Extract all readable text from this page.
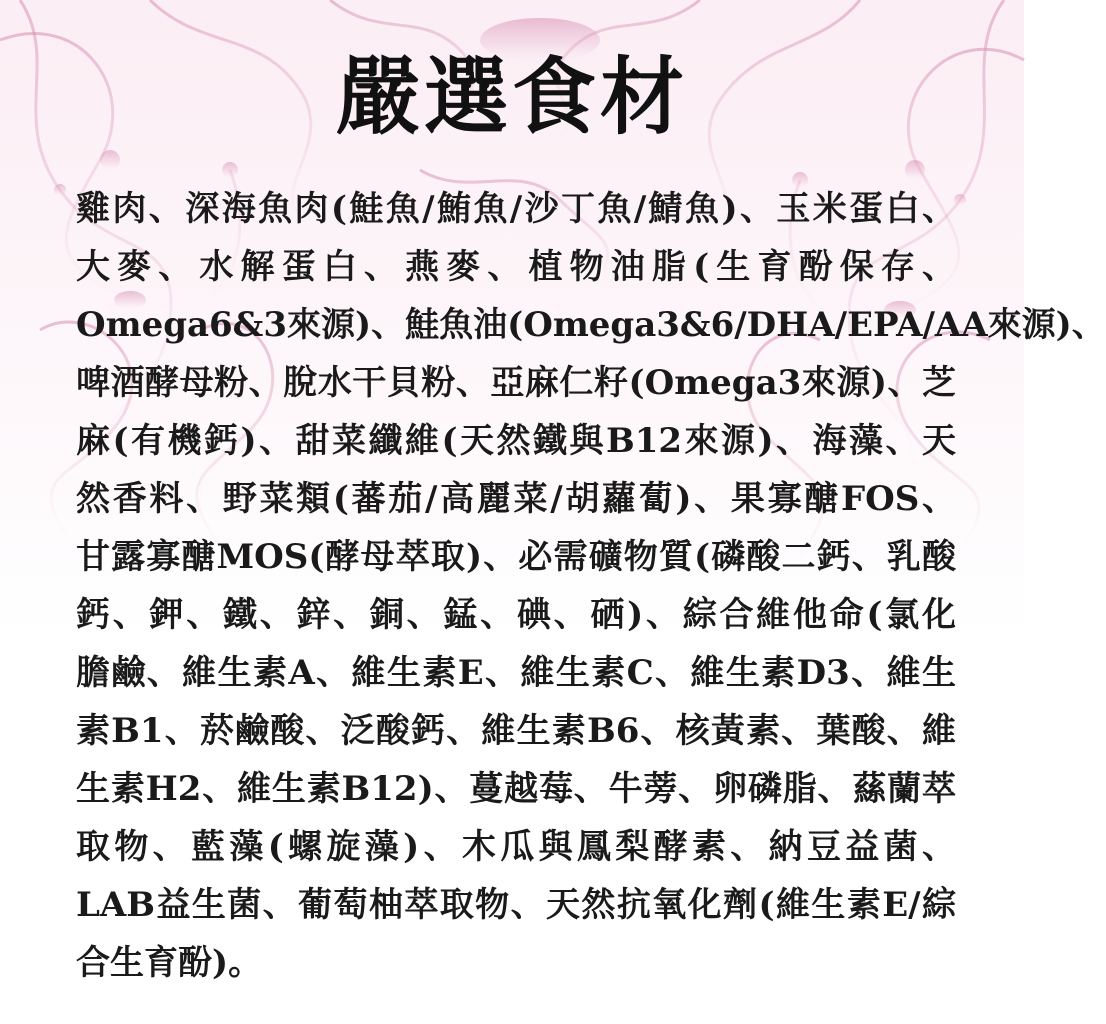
嚴選食材
雞肉、深海魚肉(鮭魚/鮪魚/沙丁魚/鯖魚)、玉米蛋白、
大麥、水解蛋白、燕麥、植物油脂(生育酚保存、
Omega6&3來源)、鮭魚油(Omega3&6/DHA/EPA/AA來源)、
啤酒酵母粉、脫水干貝粉、亞麻仁籽(Omega3來源)、芝
麻(有機鈣)、甜菜纖維(天然鐵與B12來源)、海藻、天
然香料、野菜類(蕃茄/高麗菜/胡蘿蔔)、果寡醣FOS、
甘露寡醣MOS(酵母萃取)、必需礦物質(磷酸二鈣、乳酸
鈣、鉀、鐵、鋅、銅、錳、碘、硒)、綜合維他命(氯化
膽鹼、維生素A、維生素E、維生素C、維生素D3、維生
素B1、菸鹼酸、泛酸鈣、維生素B6、核黃素、葉酸、維
生素H2、維生素B12)、蔓越莓、牛蒡、卵磷脂、蕬蘭萃
取物、藍藻(螺旋藻)、木瓜與鳳梨酵素、納豆益菌、
LAB益生菌、葡萄柚萃取物、天然抗氧化劑(維生素E/綜
合生育酚)。
